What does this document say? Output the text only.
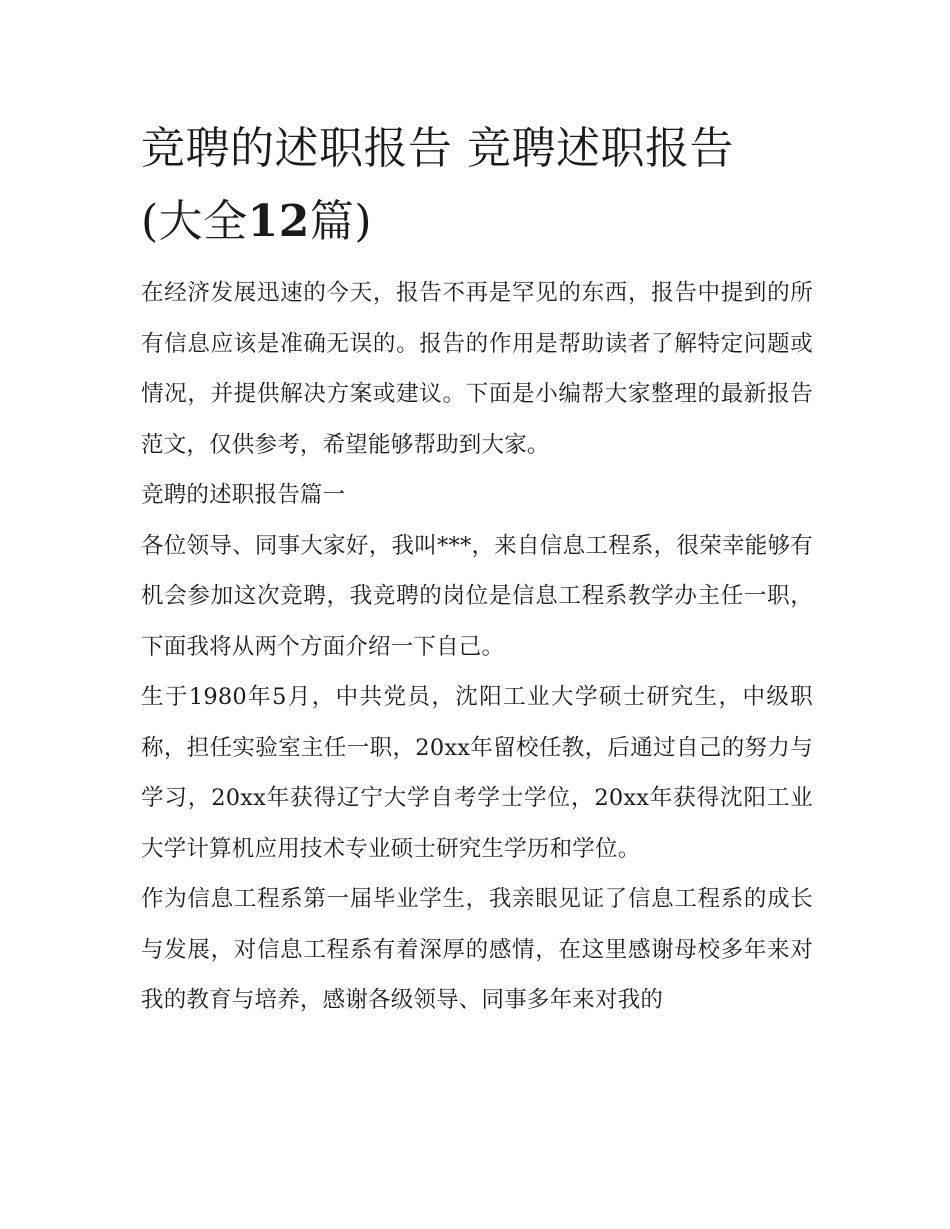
竞聘的述职报告 竞聘述职报告
(大全12篇)

在经济发展迅速的今天，报告不再是罕见的东西，报告中提到的所有信息应该是准确无误的。报告的作用是帮助读者了解特定问题或情况，并提供解决方案或建议。下面是小编帮大家整理的最新报告范文，仅供参考，希望能够帮助到大家。

竞聘的述职报告篇一

各位领导、同事大家好，我叫***，来自信息工程系，很荣幸能够有机会参加这次竞聘，我竞聘的岗位是信息工程系教学办主任一职，下面我将从两个方面介绍一下自己。

生于1980年5月，中共党员，沈阳工业大学硕士研究生，中级职称，担任实验室主任一职，20xx年留校任教，后通过自己的努力与学习，20xx年获得辽宁大学自考学士学位，20xx年获得沈阳工业大学计算机应用技术专业硕士研究生学历和学位。

作为信息工程系第一届毕业学生，我亲眼见证了信息工程系的成长与发展，对信息工程系有着深厚的感情，在这里感谢母校多年来对我的教育与培养，感谢各级领导、同事多年来对我的
